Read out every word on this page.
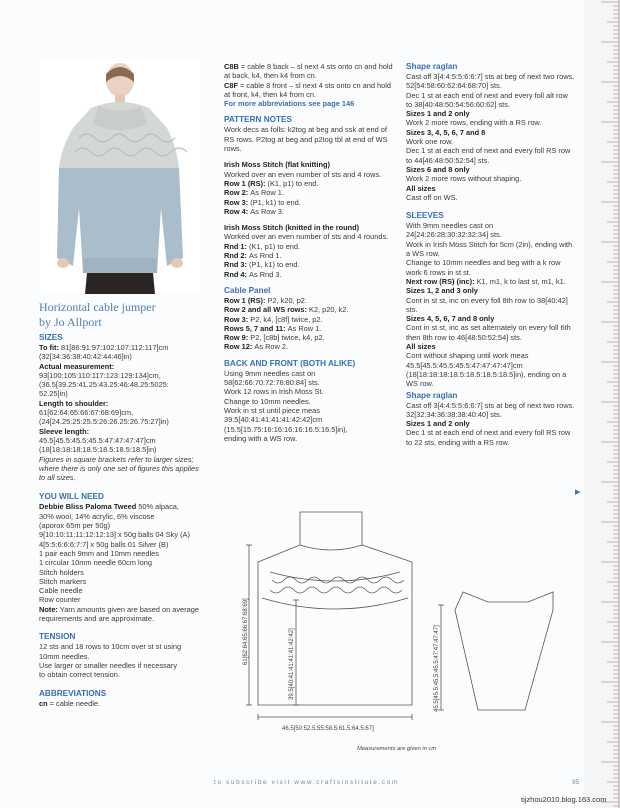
Horizontal cable jumper
by Jo Allport

SIZES

To fit: 81[86:91:97:102:107:112:117]cm

(32[34:36:38:40:42:44:46]in)

Actual measurement:

93[100:105:110:117:123:129:134]cm,

(36.5[39.25:41.25:43.25:46:48.25:5025:

52.25]in)

Length to shoulder:

61[62:64:65:66:67:68:69]cm,

(24[24.25:25:25.5:26:26.25:26.75:27]in)

Sleeve length:

45.5[45.5:45.5:45.5:47:47:47:47]cm

(18[18:18:18:18.5:18.5:18.5:18.5]in)

Figures in square brackets refer to larger sizes; where there is only one set of figures this applies to all sizes.

YOU WILL NEED

Debbie Bliss Paloma Tweed 50% alpaca,
30% wool, 14% acrylic, 6% viscose
(aporox 65m per 50g)
9[10:10:11:11:12:12:13] x 50g balls 04 Sky (A)
4[5:5:6:6:6:7:7] x 50g balls 01 Silver (B)

1 pair each 9mm and 10mm needles

1 circular 10mm needle 60cm long

Stitch holders

Stitch markers

Cable needle

Row counter

Note: Yarn amounts given are based on average requirements and are approximate.

TENSION

12 sts and 18 rows to 10cm over st st using

10mm needles.

Use larger or smaller needles if necessary

to obtain correct tension.

ABBREVIATIONS

cn = cable needle.

C8B = cable 8 back – sl next 4 sts onto cn and hold at back, k4, then k4 from cn.

C8F = cable 8 front – sl next 4 sts onto cn and hold at front, k4, then k4 from cn.

For more abbreviations see page 146

PATTERN NOTES

Work decs as folls: k2tog at beg and ssk at end of RS rows. P2tog at beg and p2tog tbl at end of WS rows.

Irish Moss Stitch (flat knitting)

Worked over an even number of sts and 4 rows.

Row 1 (RS): (K1, p1) to end.

Row 2: As Row 1.

Row 3: (P1, k1) to end.

Row 4: As Row 3.

Irish Moss Stitch (knitted in the round)

Worked over an even number of sts and 4 rounds.

Rnd 1: (K1, p1) to end.

Rnd 2: As Rnd 1.

Rnd 3: (P1, k1) to end.

Rnd 4: As Rnd 3.

Cable Panel

Row 1 (RS): P2, k20, p2.

Row 2 and all WS rows: K2, p20, k2.

Row 3: P2, k4, [c8f] twice, p2.

Rows 5, 7 and 11: As Row 1.

Row 9: P2, [c8b] twice, k4, p2.

Row 12: As Row 2.

BACK AND FRONT (BOTH ALIKE)

Using 9mm needles cast on

58[62:66:70:72:76:80:84] sts.

Work 12 rows in Irish Moss St.

Change to 10mm needles.

Work in st st until piece meas

39.5[40:41:41:41:41:42:42]cm

(15.5[15.75:16:16:16:16:16.5:16.5]in),

ending with a WS row.

Shape raglan

Cast off 3[4:4:5:5:6:6:7] sts at beg of next two rows. 52[54:58:60:62:64:68:70] sts.

Dec 1 st at each end of next and every foll alt row to 38[40:48:50:54:56:60:62] sts.

Sizes 1 and 2 only

Work 2 more rows, ending with a RS row.

Sizes 3, 4, 5, 6, 7 and 8

Work one row.

Dec 1 st at each end of next and every foll RS row to 44[46:48:50:52:54] sts.

Sizes 6 and 8 only

Work 2 more rows without shaping.

All sizes

Cast off on WS.

SLEEVES

With 9mm needles cast on 24[24:26:28:30:32:32:34] sts.

Work in Irish Moss Stitch for 5cm (2in), ending with a WS row.

Change to 10mm needles and beg with a k row work 6 rows in st st.

Next row (RS) (inc): K1, m1, k to last st, m1, k1.

Sizes 1, 2 and 3 only

Cont in st st, inc on every foll 8th row to 38[40:42] sts.

Sizes 4, 5, 6, 7 and 8 only

Cont in st st, inc as set alternately on every foll 6th then 8th row to 46[48:50:52:54] sts.

All sizes

Cont without shaping until work meas 45.5[45.5:45.5:45.5:47:47:47:47]cm (18[18:18:18:18.5:18.5:18.5:18.5]in), ending on a WS row.

Shape raglan

Cast off 3[4:4:5:5:6:6:7] sts at beg of next two rows.

32[32:34:36:38:38:40:40] sts.

Sizes 1 and 2 only

Dec 1 st at each end of next and every foll RS row to 22 sts, ending with a RS row.

▶
61[62:64:65:66:67:68:69]	39.5[40:41:41:41:41:42:42]
46.5[50:52.5:55:58.5:61.5:64.5:67]
45.5[45.5:45.5:45.5:47:47:47:47]
Measurements are given in cm
to subscribe visit www.craftsinstitute.com	95
tijzhou2010.blog.163.com
